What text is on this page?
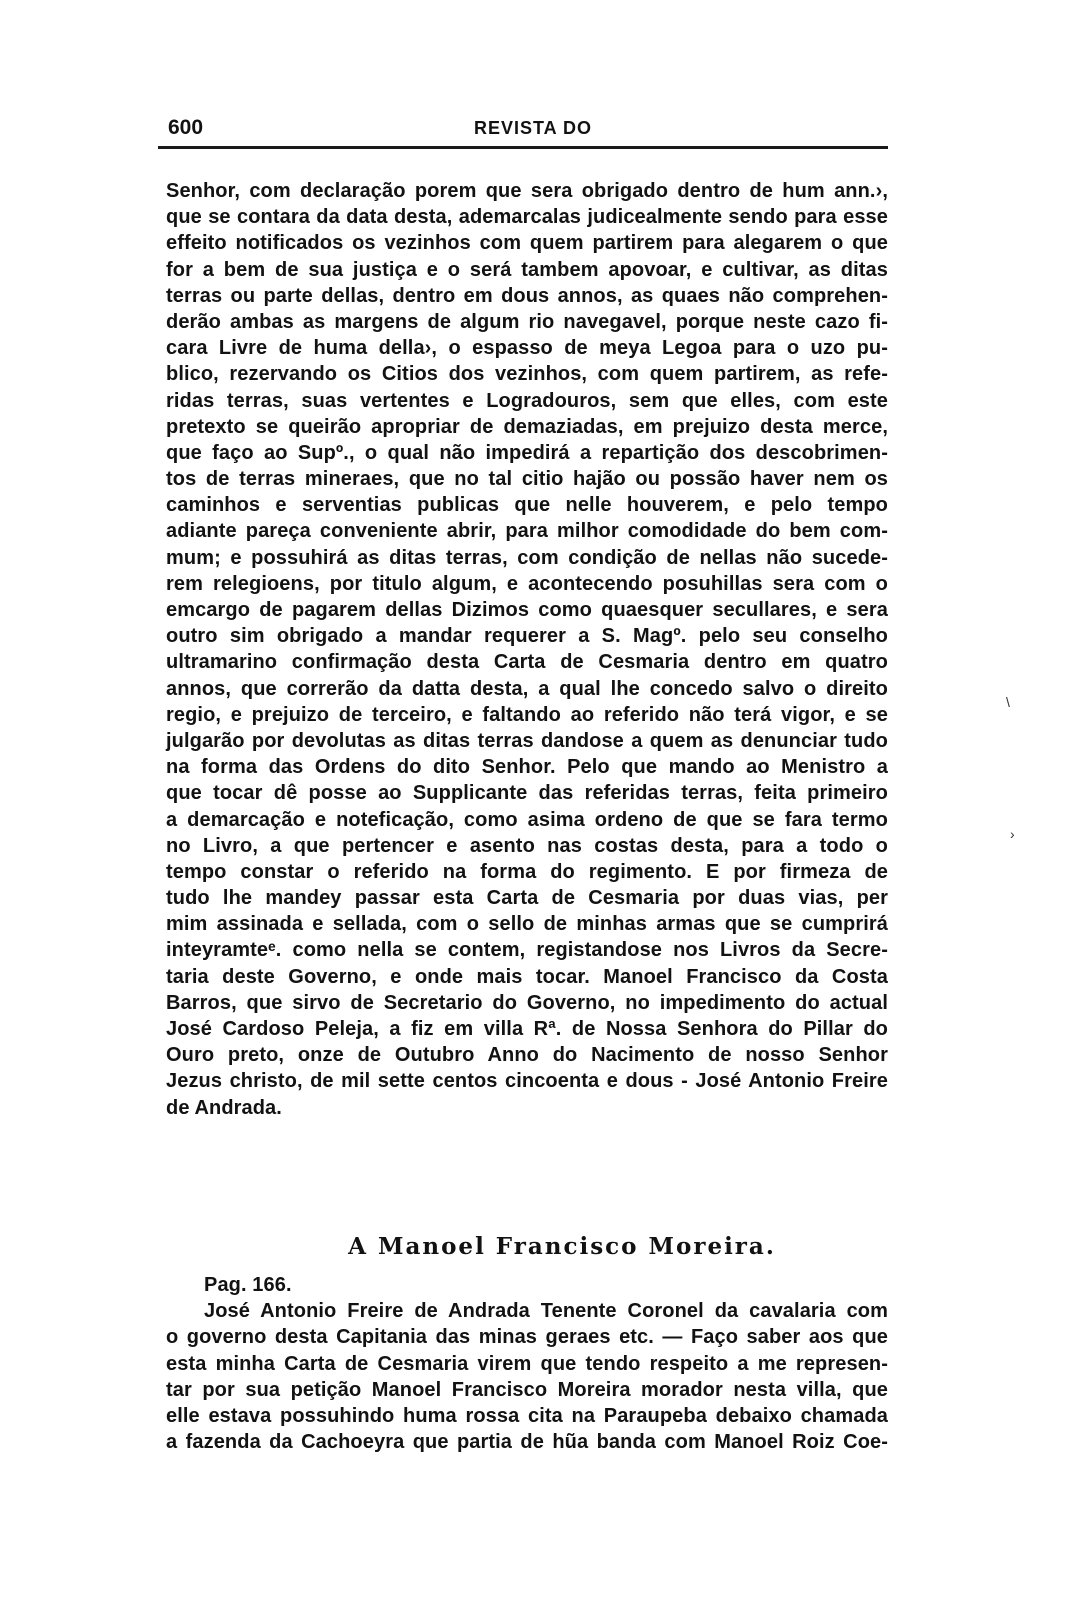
600	REVISTA DO
Senhor, com declaração porem que sera obrigado dentro de hum ann.›,
que se contara da data desta, ademarcalas judicealmente sendo para esse
effeito notificados os vezinhos com quem partirem para alegarem o que
for a bem de sua justiça e o será tambem apovoar, e cultivar, as ditas
terras ou parte dellas, dentro em dous annos, as quaes não comprehen-
derão ambas as margens de algum rio navegavel, porque neste cazo fi-
cara Livre de huma della›, o espasso de meya Legoa para o uzo pu-
blico, rezervando os Citios dos vezinhos, com quem partirem, as refe-
ridas terras, suas vertentes e Logradouros, sem que elles, com este
pretexto se queirão apropriar de demaziadas, em prejuizo desta merce,
que faço ao Supº., o qual não impedirá a repartição dos descobrimen-
tos de terras mineraes, que no tal citio hajão ou possão haver nem os
caminhos e serventias publicas que nelle houverem, e pelo tempo
adiante pareça conveniente abrir, para milhor comodidade do bem com-
mum; e possuhirá as ditas terras, com condição de nellas não sucede-
rem relegioens, por titulo algum, e acontecendo posuhillas sera com o
emcargo de pagarem dellas Dizimos como quaesquer secullares, e sera
outro sim obrigado a mandar requerer a S. Magº. pelo seu conselho
ultramarino confirmação desta Carta de Cesmaria dentro em quatro
annos, que correrão da datta desta, a qual lhe concedo salvo o direito
regio, e prejuizo de terceiro, e faltando ao referido não terá vigor, e se
julgarão por devolutas as ditas terras dandose a quem as denunciar tudo
na forma das Ordens do dito Senhor. Pelo que mando ao Menistro a
que tocar dê posse ao Supplicante das referidas terras, feita primeiro
a demarcação e noteficação, como asima ordeno de que se fara termo
no Livro, a que pertencer e asento nas costas desta, para a todo o
tempo constar o referido na forma do regimento. E por firmeza de
tudo lhe mandey passar esta Carta de Cesmaria por duas vias, per
mim assinada e sellada, com o sello de minhas armas que se cumprirá
inteyramteᵉ. como nella se contem, registandose nos Livros da Secre-
taria deste Governo, e onde mais tocar. Manoel Francisco da Costa
Barros, que sirvo de Secretario do Governo, no impedimento do actual
José Cardoso Peleja, a fiz em villa Rª. de Nossa Senhora do Pillar do
Ouro preto, onze de Outubro Anno do Nacimento de nosso Senhor
Jezus christo, de mil sette centos cincoenta e dous - José Antonio Freire
de Andrada.
A Manoel Francisco Moreira.
Pag. 166.
José Antonio Freire de Andrada Tenente Coronel da cavalaria com
o governo desta Capitania das minas geraes etc. — Faço saber aos que
esta minha Carta de Cesmaria virem que tendo respeito a me represen-
tar por sua petição Manoel Francisco Moreira morador nesta villa, que
elle estava possuhindo huma rossa cita na Paraupeba debaixo chamada
a fazenda da Cachoeyra que partia de hũa banda com Manoel Roiz Coe-
\
›
